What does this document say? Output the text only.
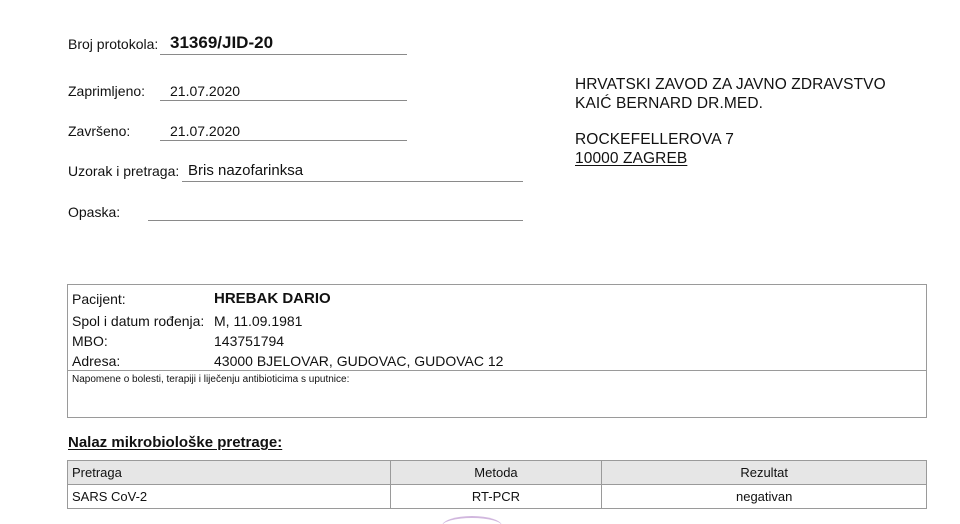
Broj protokola: 31369/JID-20
Zaprimljeno: 21.07.2020
Završeno:	21.07.2020
Uzorak i pretraga: Bris nazofarinksa
Opaska:
HRVATSKI ZAVOD ZA JAVNO ZDRAVSTVO
KAIĆ BERNARD DR.MED.
ROCKEFELLEROVA 7
10000 ZAGREB
Pacijent:	HREBAK DARIO
Spol i datum rođenja: M, 11.09.1981
MBO:	143751794
Adresa:	43000 BJELOVAR, GUDOVAC, GUDOVAC 12
Napomene o bolesti, terapiji i liječenju antibioticima s uputnice:
Nalaz mikrobiološke pretrage:
Pretraga	Metoda	Rezultat
SARS CoV-2	RT-PCR	negativan
